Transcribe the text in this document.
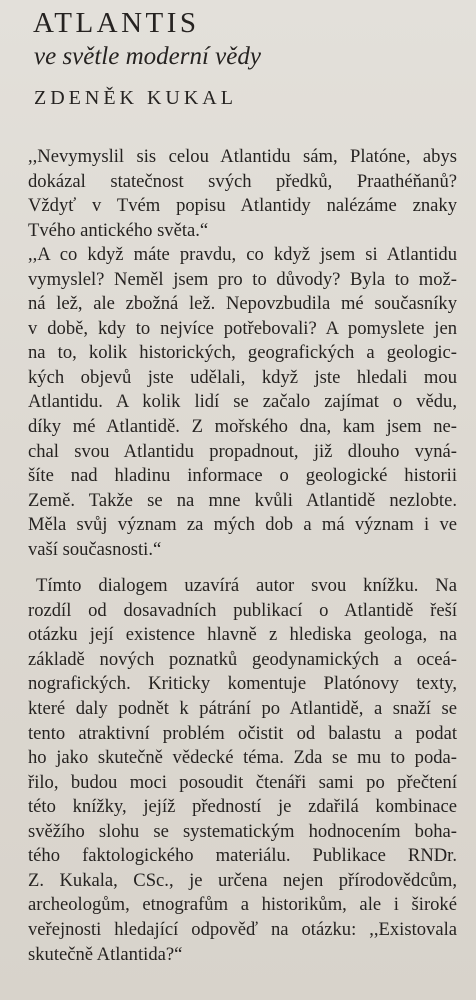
ATLANTIS
ve světle moderní vědy
ZDENĚK KUKAL
,,Nevymyslil sis celou Atlantidu sám, Platóne, abys
dokázal statečnost svých předků, Praathéňanů?
Vždyť v Tvém popisu Atlantidy nalézáme znaky
Tvého antického světa.“
,,A co když máte pravdu, co když jsem si Atlantidu
vymyslel? Neměl jsem pro to důvody? Byla to mož-
ná lež, ale zbožná lež. Nepovzbudila mé současníky
v době, kdy to nejvíce potřebovali? A pomyslete jen
na to, kolik historických, geografických a geologic-
kých objevů jste udělali, když jste hledali mou
Atlantidu. A kolik lidí se začalo zajímat o vědu,
díky mé Atlantidě. Z mořského dna, kam jsem ne-
chal svou Atlantidu propadnout, již dlouho vyná-
šíte nad hladinu informace o geologické historii
Země. Takže se na mne kvůli Atlantidě nezlobte.
Měla svůj význam za mých dob a má význam i ve
vaší současnosti.“
Tímto dialogem uzavírá autor svou knížku. Na
rozdíl od dosavadních publikací o Atlantidě řeší
otázku její existence hlavně z hlediska geologa, na
základě nových poznatků geodynamických a oceá-
nografických. Kriticky komentuje Platónovy texty,
které daly podnět k pátrání po Atlantidě, a snaží se
tento atraktivní problém očistit od balastu a podat
ho jako skutečně vědecké téma. Zda se mu to poda-
řilo, budou moci posoudit čtenáři sami po přečtení
této knížky, jejíž předností je zdařilá kombinace
svěžího slohu se systematickým hodnocením boha-
tého faktologického materiálu. Publikace RNDr.
Z. Kukala, CSc., je určena nejen přírodovědcům,
archeologům, etnografům a historikům, ale i široké
veřejnosti hledající odpověď na otázku: ,,Existovala
skutečně Atlantida?“
